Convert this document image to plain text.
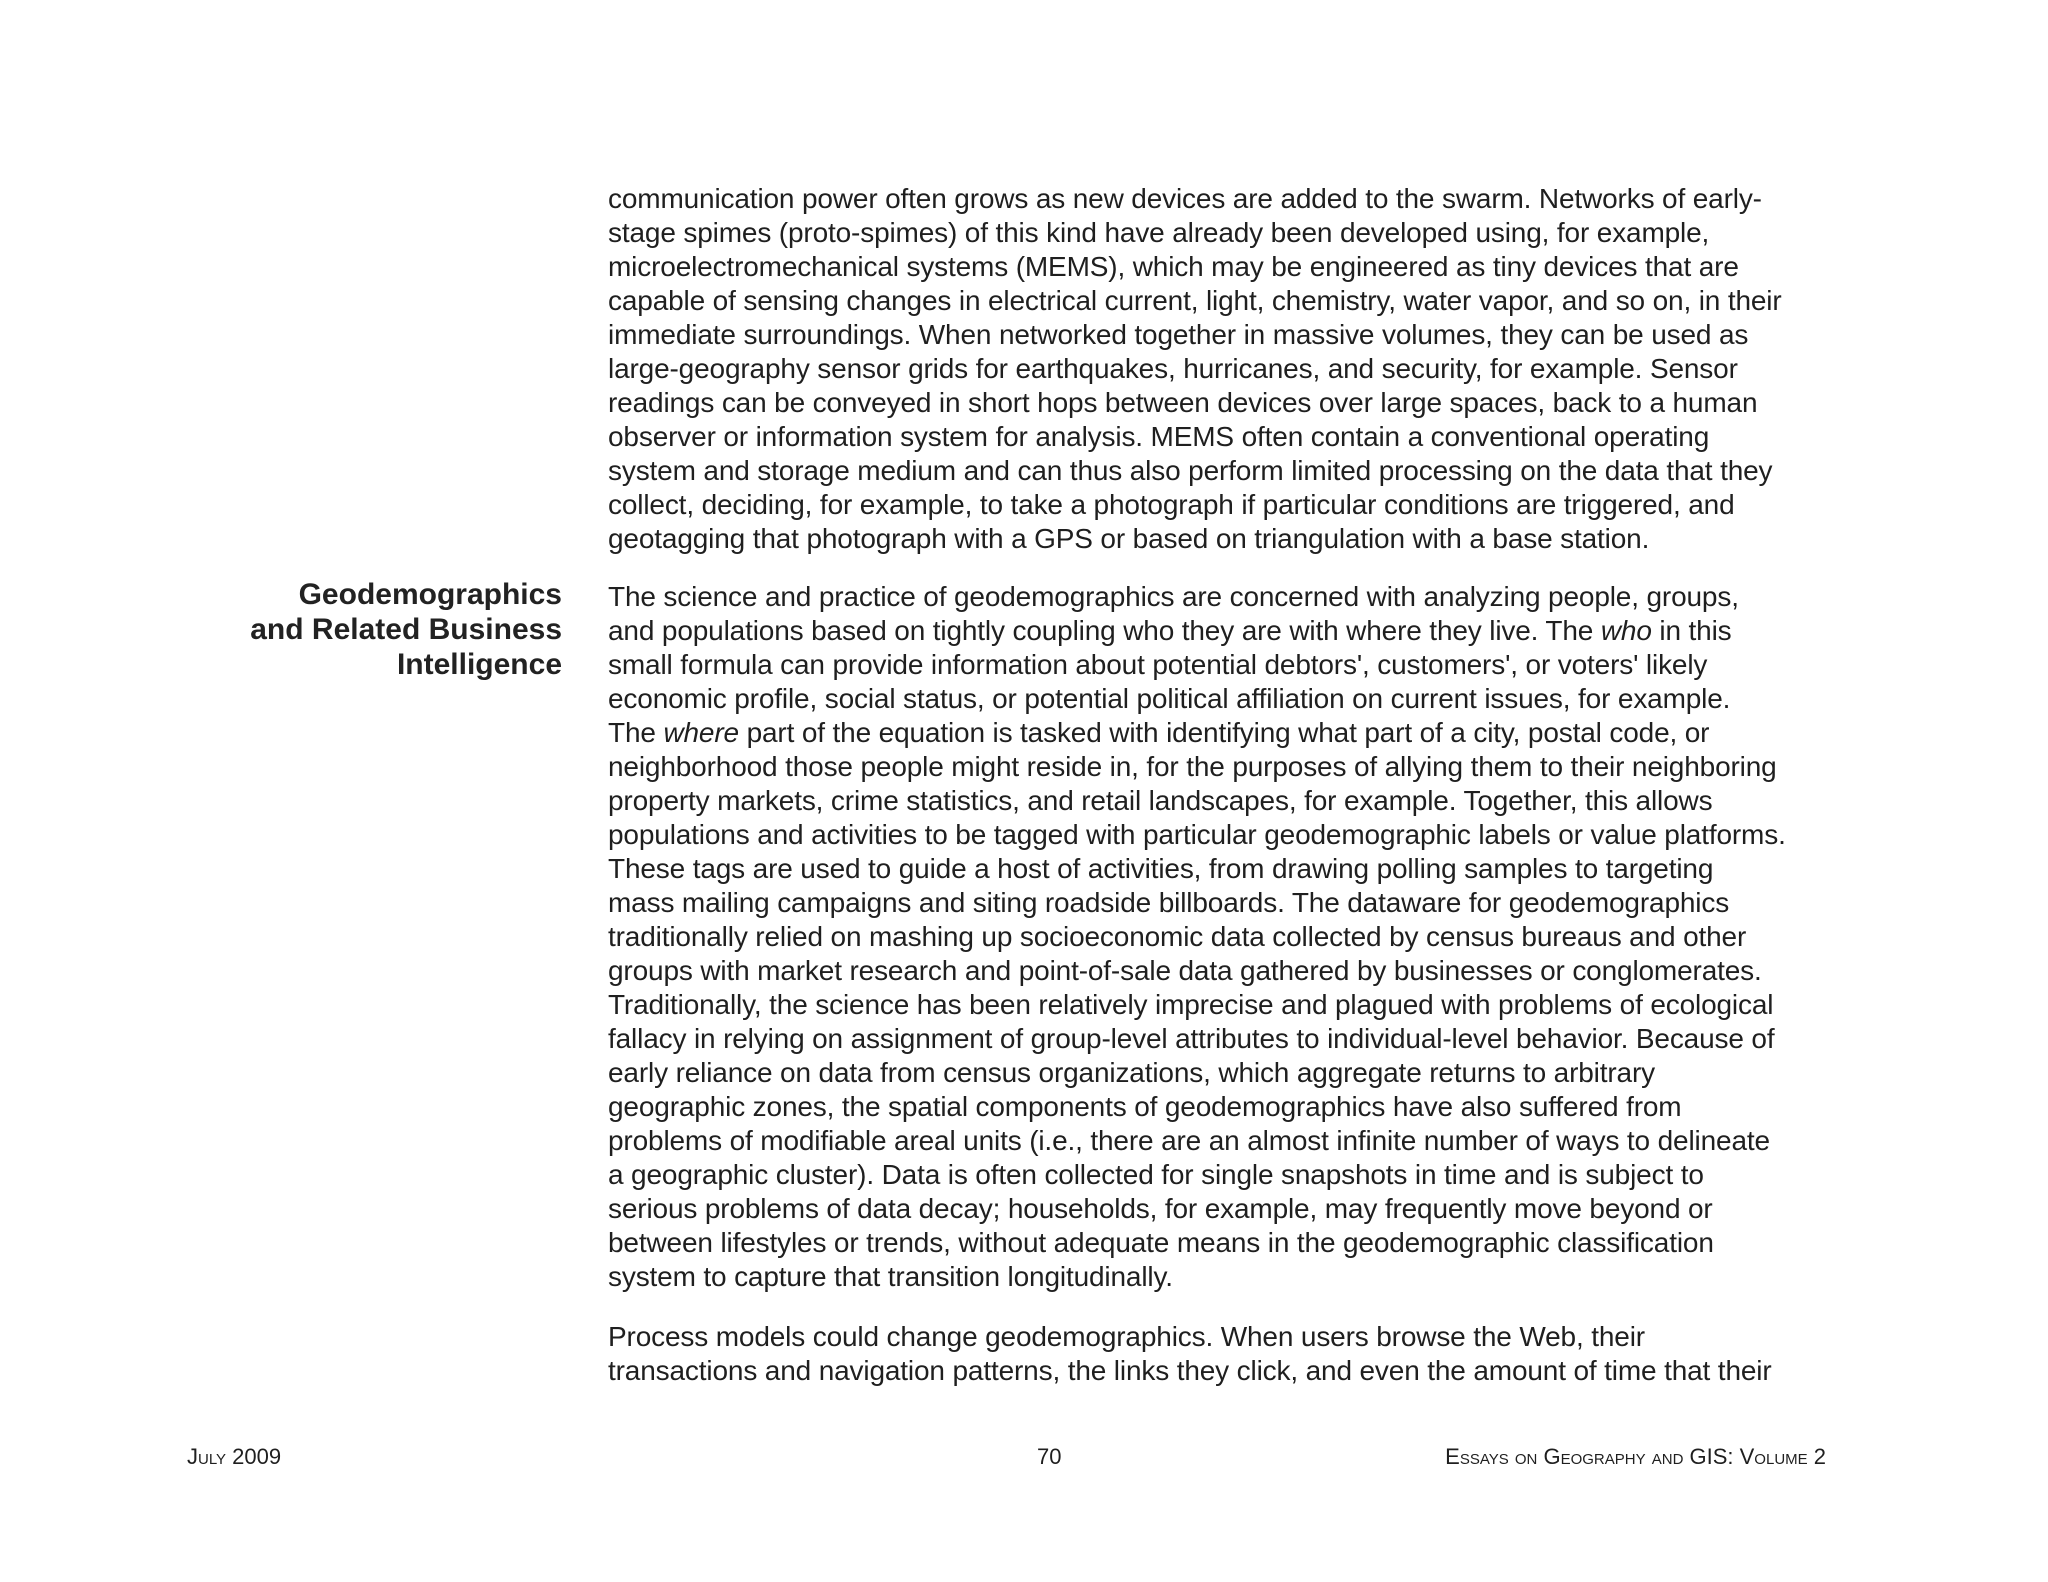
communication power often grows as new devices are added to the swarm. Networks of early-
stage spimes (proto-spimes) of this kind have already been developed using, for example,
microelectromechanical systems (MEMS), which may be engineered as tiny devices that are
capable of sensing changes in electrical current, light, chemistry, water vapor, and so on, in their
immediate surroundings. When networked together in massive volumes, they can be used as
large-geography sensor grids for earthquakes, hurricanes, and security, for example. Sensor
readings can be conveyed in short hops between devices over large spaces, back to a human
observer or information system for analysis. MEMS often contain a conventional operating
system and storage medium and can thus also perform limited processing on the data that they
collect, deciding, for example, to take a photograph if particular conditions are triggered, and
geotagging that photograph with a GPS or based on triangulation with a base station.
Geodemographics
and Related Business
Intelligence
The science and practice of geodemographics are concerned with analyzing people, groups,
and populations based on tightly coupling who they are with where they live. The who in this
small formula can provide information about potential debtors', customers', or voters' likely
economic profile, social status, or potential political affiliation on current issues, for example.
The where part of the equation is tasked with identifying what part of a city, postal code, or
neighborhood those people might reside in, for the purposes of allying them to their neighboring
property markets, crime statistics, and retail landscapes, for example. Together, this allows
populations and activities to be tagged with particular geodemographic labels or value platforms.
These tags are used to guide a host of activities, from drawing polling samples to targeting
mass mailing campaigns and siting roadside billboards. The dataware for geodemographics
traditionally relied on mashing up socioeconomic data collected by census bureaus and other
groups with market research and point-of-sale data gathered by businesses or conglomerates.
Traditionally, the science has been relatively imprecise and plagued with problems of ecological
fallacy in relying on assignment of group-level attributes to individual-level behavior. Because of
early reliance on data from census organizations, which aggregate returns to arbitrary
geographic zones, the spatial components of geodemographics have also suffered from
problems of modifiable areal units (i.e., there are an almost infinite number of ways to delineate
a geographic cluster). Data is often collected for single snapshots in time and is subject to
serious problems of data decay; households, for example, may frequently move beyond or
between lifestyles or trends, without adequate means in the geodemographic classification
system to capture that transition longitudinally.
Process models could change geodemographics. When users browse the Web, their
transactions and navigation patterns, the links they click, and even the amount of time that their
July 2009	70	Essays on Geography and GIS: Volume 2
